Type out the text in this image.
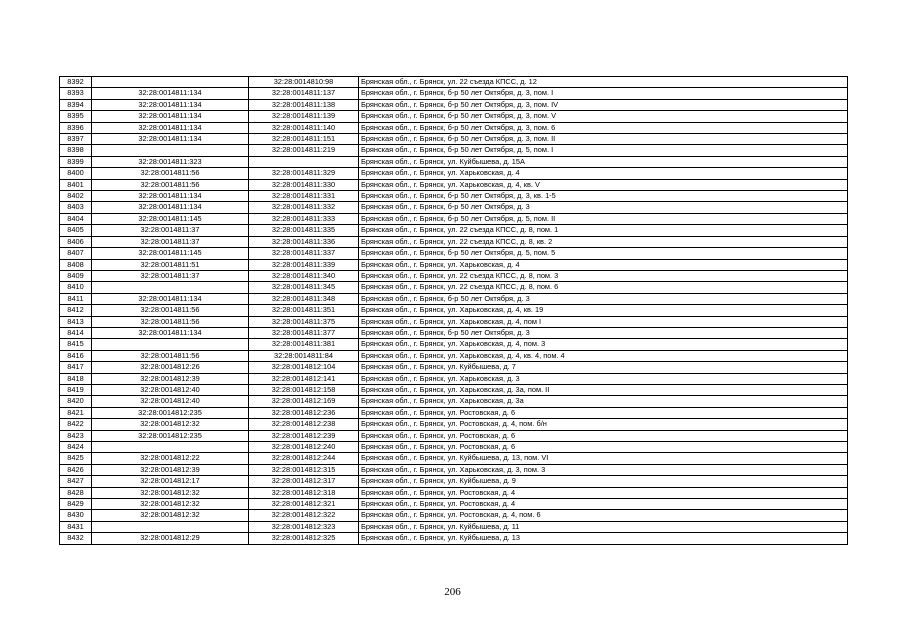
8392		32:28:0014810:98	Брянская обл., г. Брянск, ул. 22 съезда КПСС, д. 12
8393	32:28:0014811:134	32:28:0014811:137	Брянская обл., г. Брянск, б-р 50 лет Октября, д. 3, пом. I
8394	32:28:0014811:134	32:28:0014811:138	Брянская обл., г. Брянск, б-р 50 лет Октября, д. 3, пом. IV
8395	32:28:0014811:134	32:28:0014811:139	Брянская обл., г. Брянск, б-р 50 лет Октября, д. 3, пом. V
8396	32:28:0014811:134	32:28:0014811:140	Брянская обл., г. Брянск, б-р 50 лет Октября, д. 3, пом. 6
8397	32:28:0014811:134	32:28:0014811:151	Брянская обл., г. Брянск, б-р 50 лет Октября, д. 3, пом. II
8398		32:28:0014811:219	Брянская обл., г. Брянск, б-р 50 лет Октября, д. 5, пом. I
8399	32:28:0014811:323		Брянская обл., г. Брянск, ул. Куйбышева, д. 15А
8400	32:28:0014811:56	32:28:0014811:329	Брянская обл., г. Брянск, ул. Харьковская, д. 4
8401	32:28:0014811:56	32:28:0014811:330	Брянская обл., г. Брянск, ул. Харьковская, д. 4, кв. V
8402	32:28:0014811:134	32:28:0014811:331	Брянская обл., г. Брянск, б-р 50 лет Октября, д. 3, кв. 1-5
8403	32:28:0014811:134	32:28:0014811:332	Брянская обл., г. Брянск, б-р 50 лет Октября, д. 3
8404	32:28:0014811:145	32:28:0014811:333	Брянская обл., г. Брянск, б-р 50 лет Октября, д. 5, пом. II
8405	32:28:0014811:37	32:28:0014811:335	Брянская обл., г. Брянск, ул. 22 съезда КПСС, д. 8, пом. 1
8406	32:28:0014811:37	32:28:0014811:336	Брянская обл., г. Брянск, ул. 22 съезда КПСС, д. 8, кв. 2
8407	32:28:0014811:145	32:28:0014811:337	Брянская обл., г. Брянск, б-р 50 лет Октября, д. 5, пом. 5
8408	32:28:0014811:51	32:28:0014811:339	Брянская обл., г. Брянск, ул. Харьковская, д. 4
8409	32:28:0014811:37	32:28:0014811:340	Брянская обл., г. Брянск, ул. 22 съезда КПСС, д. 8, пом. 3
8410		32:28:0014811:345	Брянская обл., г. Брянск, ул. 22 съезда КПСС, д. 8, пом. 6
8411	32:28:0014811:134	32:28:0014811:348	Брянская обл., г. Брянск, б-р 50 лет Октября, д. 3
8412	32:28:0014811:56	32:28:0014811:351	Брянская обл., г. Брянск, ул. Харьковская, д. 4, кв. 19
8413	32:28:0014811:56	32:28:0014811:375	Брянская обл., г. Брянск, ул. Харьковская, д. 4, пом I
8414	32:28:0014811:134	32:28:0014811:377	Брянская обл., г. Брянск, б-р 50 лет Октября, д. 3
8415		32:28:0014811:381	Брянская обл., г. Брянск, ул. Харьковская, д. 4, пом. 3
8416	32:28:0014811:56	32:28:0014811:84	Брянская обл., г. Брянск, ул. Харьковская, д. 4, кв. 4, пом. 4
8417	32:28:0014812:26	32:28:0014812:104	Брянская обл., г. Брянск, ул. Куйбышева, д. 7
8418	32:28:0014812:39	32:28:0014812:141	Брянская обл., г. Брянск, ул. Харьковская, д. 3
8419	32:28:0014812:40	32:28:0014812:158	Брянская обл., г. Брянск, ул. Харьковская, д. 3а, пом. II
8420	32:28:0014812:40	32:28:0014812:169	Брянская обл., г. Брянск, ул. Харьковская, д. 3а
8421	32:28:0014812:235	32:28:0014812:236	Брянская обл., г. Брянск, ул. Ростовская, д. 6
8422	32:28:0014812:32	32:28:0014812:238	Брянская обл., г. Брянск, ул. Ростовская, д. 4, пом. б/н
8423	32:28:0014812:235	32:28:0014812:239	Брянская обл., г. Брянск, ул. Ростовская, д. 6
8424		32:28:0014812:240	Брянская обл., г. Брянск, ул. Ростовская, д. 6
8425	32:28:0014812:22	32:28:0014812:244	Брянская обл., г. Брянск, ул. Куйбышева, д. 13, пом. VI
8426	32:28:0014812:39	32:28:0014812:315	Брянская обл., г. Брянск, ул. Харьковская, д. 3, пом. 3
8427	32:28:0014812:17	32:28:0014812:317	Брянская обл., г. Брянск, ул. Куйбышева, д. 9
8428	32:28:0014812:32	32:28:0014812:318	Брянская обл., г. Брянск, ул. Ростовская, д. 4
8429	32:28:0014812:32	32:28:0014812:321	Брянская обл., г. Брянск, ул. Ростовская, д. 4
8430	32:28:0014812:32	32:28:0014812:322	Брянская обл., г. Брянск, ул. Ростовская, д. 4, пом. 6
8431		32:28:0014812:323	Брянская обл., г. Брянск, ул. Куйбышева, д. 11
8432	32:28:0014812:29	32:28:0014812:325	Брянская обл., г. Брянск, ул. Куйбышева, д. 13
206
